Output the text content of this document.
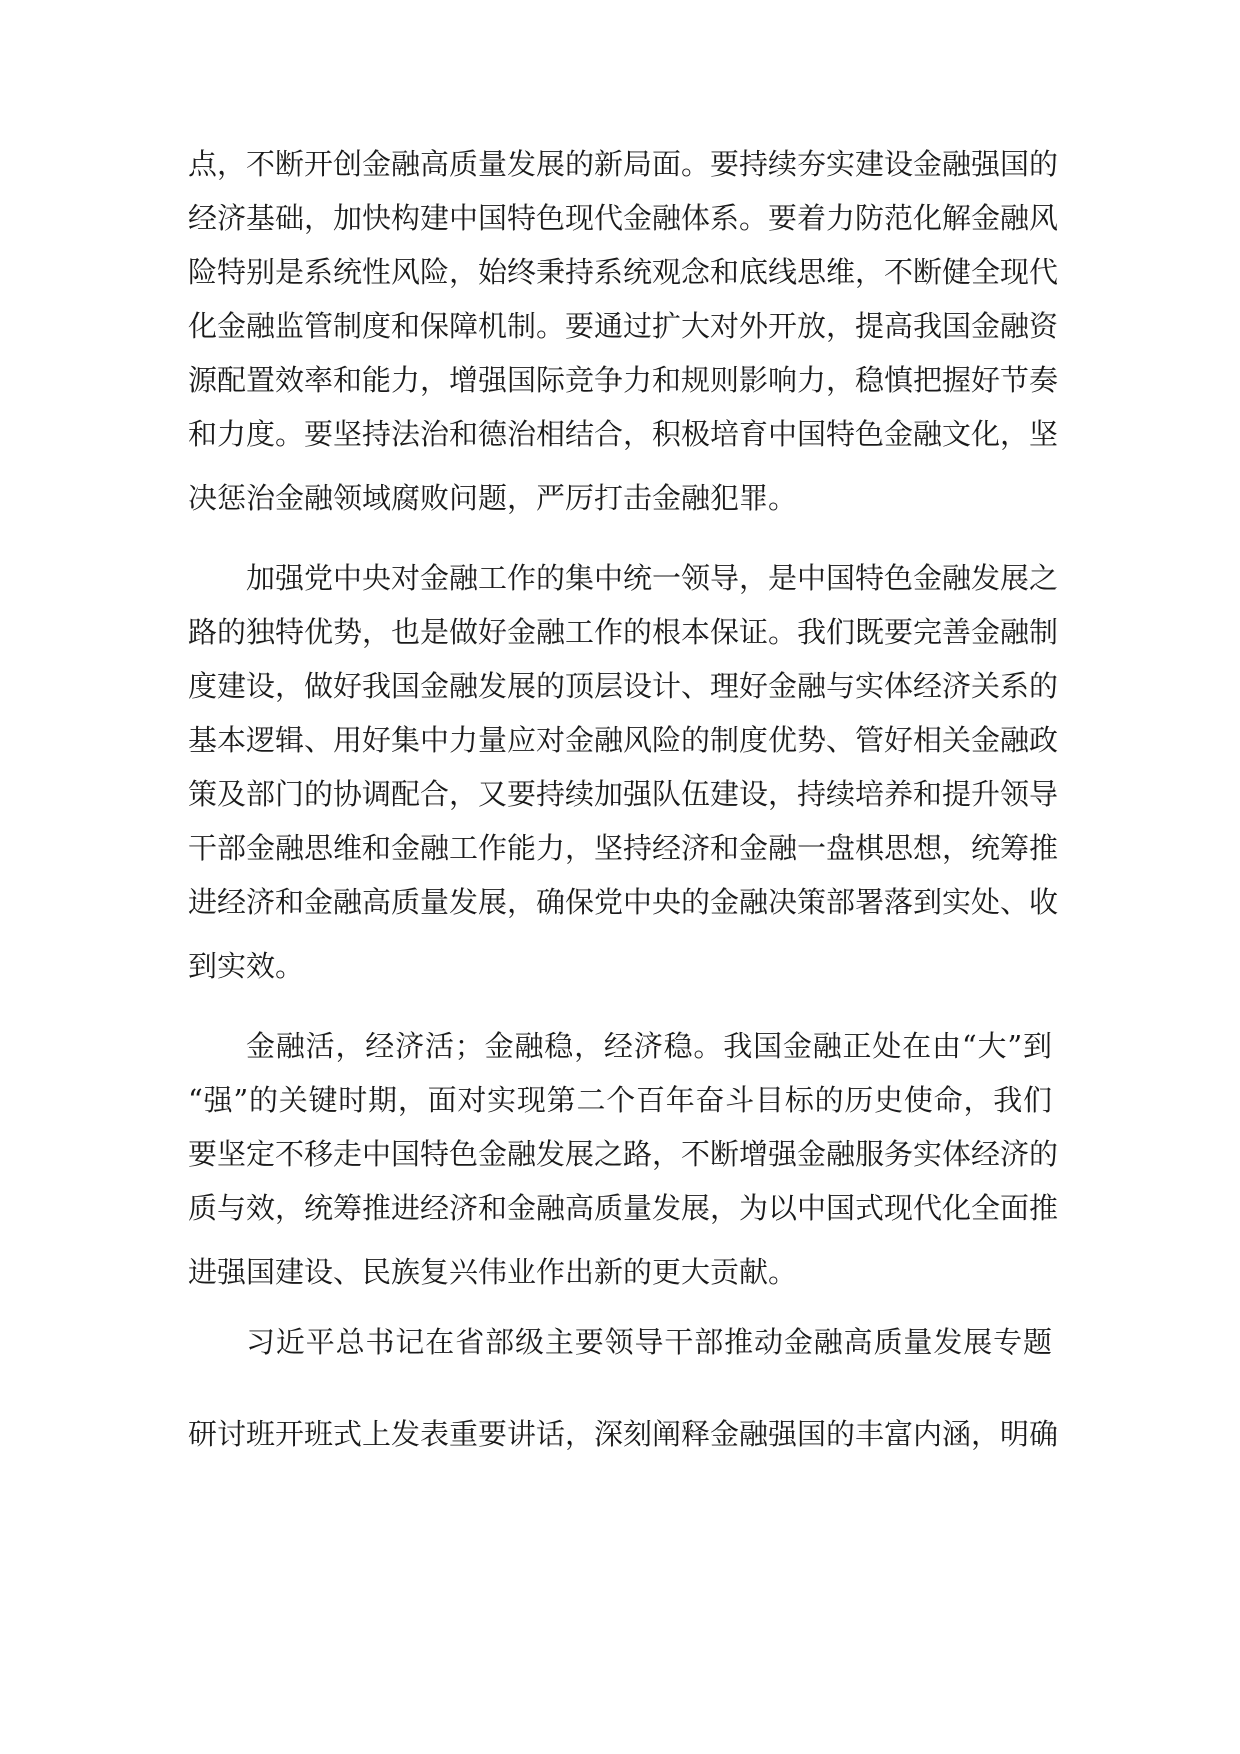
点，不断开创金融高质量发展的新局面。要持续夯实建设金融强国的
经济基础，加快构建中国特色现代金融体系。要着力防范化解金融风
险特别是系统性风险，始终秉持系统观念和底线思维，不断健全现代
化金融监管制度和保障机制。要通过扩大对外开放，提高我国金融资
源配置效率和能力，增强国际竞争力和规则影响力，稳慎把握好节奏
和力度。要坚持法治和德治相结合，积极培育中国特色金融文化，坚
决惩治金融领域腐败问题，严厉打击金融犯罪。
加强党中央对金融工作的集中统一领导，是中国特色金融发展之
路的独特优势，也是做好金融工作的根本保证。我们既要完善金融制
度建设，做好我国金融发展的顶层设计、理好金融与实体经济关系的
基本逻辑、用好集中力量应对金融风险的制度优势、管好相关金融政
策及部门的协调配合，又要持续加强队伍建设，持续培养和提升领导
干部金融思维和金融工作能力，坚持经济和金融一盘棋思想，统筹推
进经济和金融高质量发展，确保党中央的金融决策部署落到实处、收
到实效。
金融活，经济活；金融稳，经济稳。我国金融正处在由“大”到
“强”的关键时期，面对实现第二个百年奋斗目标的历史使命，我们
要坚定不移走中国特色金融发展之路，不断增强金融服务实体经济的
质与效，统筹推进经济和金融高质量发展，为以中国式现代化全面推
进强国建设、民族复兴伟业作出新的更大贡献。
习近平总书记在省部级主要领导干部推动金融高质量发展专题
研讨班开班式上发表重要讲话，深刻阐释金融强国的丰富内涵，明确
